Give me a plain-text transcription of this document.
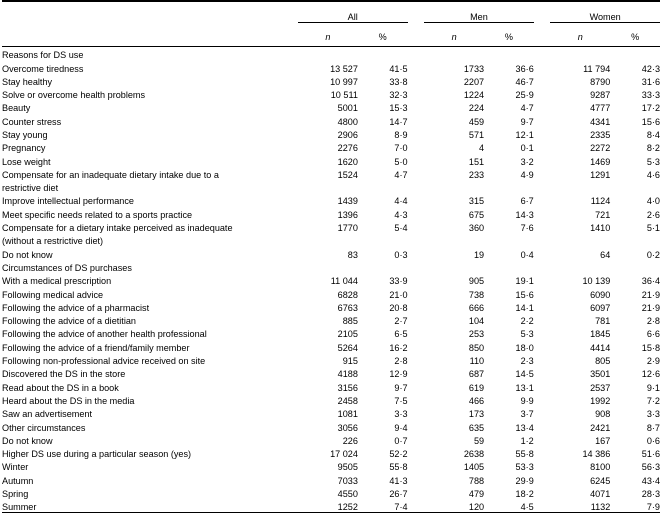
	All			Men			Women	
	n	%		n	%		n	%

Reasons for DS use								
Overcome tiredness	13 527	41·5		1733	36·6		11 794	42·3
Stay healthy	10 997	33·8		2207	46·7		8790	31·6
Solve or overcome health problems	10 511	32·3		1224	25·9		9287	33·3
Beauty	5001	15·3		224	4·7		4777	17·2
Counter stress	4800	14·7		459	9·7		4341	15·6
Stay young	2906	8·9		571	12·1		2335	8·4
Pregnancy	2276	7·0		4	0·1		2272	8·2
Lose weight	1620	5·0		151	3·2		1469	5·3
Compensate for an inadequate dietary intake due to a	1524	4·7		233	4·9		1291	4·6
restrictive diet								
Improve intellectual performance	1439	4·4		315	6·7		1124	4·0
Meet specific needs related to a sports practice	1396	4·3		675	14·3		721	2·6
Compensate for a dietary intake perceived as inadequate	1770	5·4		360	7·6		1410	5·1
(without a restrictive diet)								
Do not know	83	0·3		19	0·4		64	0·2
Circumstances of DS purchases								
With a medical prescription	11 044	33·9		905	19·1		10 139	36·4
Following medical advice	6828	21·0		738	15·6		6090	21·9
Following the advice of a pharmacist	6763	20·8		666	14·1		6097	21·9
Following the advice of a dietitian	885	2·7		104	2·2		781	2·8
Following the advice of another health professional	2105	6·5		253	5·3		1845	6·6
Following the advice of a friend/family member	5264	16·2		850	18·0		4414	15·8
Following non-professional advice received on site	915	2·8		110	2·3		805	2·9
Discovered the DS in the store	4188	12·9		687	14·5		3501	12·6
Read about the DS in a book	3156	9·7		619	13·1		2537	9·1
Heard about the DS in the media	2458	7·5		466	9·9		1992	7·2
Saw an advertisement	1081	3·3		173	3·7		908	3·3
Other circumstances	3056	9·4		635	13·4		2421	8·7
Do not know	226	0·7		59	1·2		167	0·6
Higher DS use during a particular season (yes)	17 024	52·2		2638	55·8		14 386	51·6
Winter	9505	55·8		1405	53·3		8100	56·3
Autumn	7033	41·3		788	29·9		6245	43·4
Spring	4550	26·7		479	18·2		4071	28·3
Summer	1252	7·4		120	4·5		1132	7·9
